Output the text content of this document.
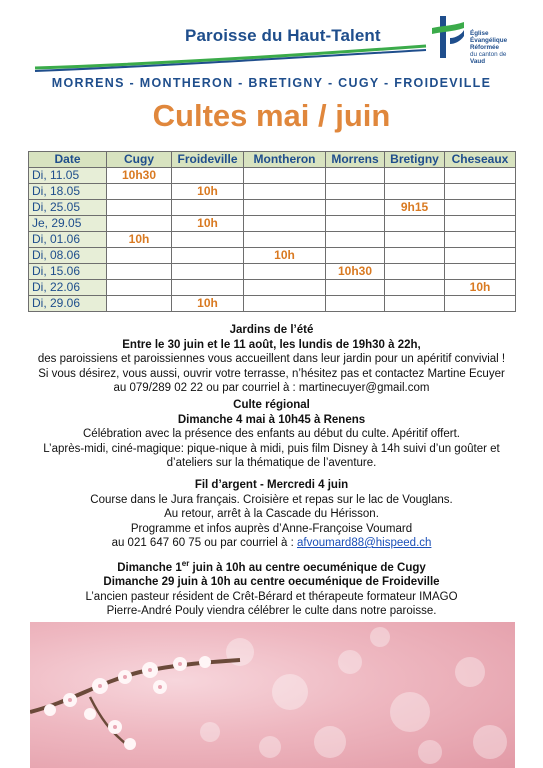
Paroisse du Haut-Talent	Église
Évangélique
Réformée
du canton de
Vaud
MORRENS - MONTHERON - BRETIGNY - CUGY - FROIDEVILLE
Cultes mai / juin
Date	Cugy	Froideville	Montheron	Morrens	Bretigny	Cheseaux
Di, 11.05	10h30					
Di, 18.05		10h				
Di, 25.05					9h15	
Je, 29.05		10h				
Di, 01.06	10h					
Di, 08.06			10h			
Di, 15.06				10h30		
Di, 22.06						10h
Di, 29.06		10h				
Jardins de l’été
Entre le 30 juin et le 11 août, les lundis de 19h30 à 22h,
des paroissiens et paroissiennes vous accueillent dans leur jardin pour un apéritif convivial !
Si vous désirez, vous aussi, ouvrir votre terrasse, n’hésitez pas et contactez Martine Ecuyer
au 079/289 02 22 ou par courriel à : martinecuyer@gmail.com
Culte régional
Dimanche 4 mai à 10h45 à Renens
Célébration avec la présence des enfants au début du culte. Apéritif offert.
L’après-midi, ciné-magique: pique-nique à midi, puis film Disney à 14h suivi d’un goûter et
d’ateliers sur la thématique de l’aventure.
Fil d’argent - Mercredi 4 juin
Course dans le Jura français. Croisière et repas sur le lac de Vouglans.
Au retour, arrêt à la Cascade du Hérisson.
Programme et infos auprès d’Anne-Françoise Voumard
au 021 647 60 75 ou par courriel à : afvoumard88@hispeed.ch
Dimanche 1er juin à 10h au centre oecuménique de Cugy
Dimanche 29 juin à 10h au centre oecuménique de Froideville
L’ancien pasteur résident de Crêt-Bérard et thérapeute formateur IMAGO
Pierre-André Pouly viendra célébrer le culte dans notre paroisse.
